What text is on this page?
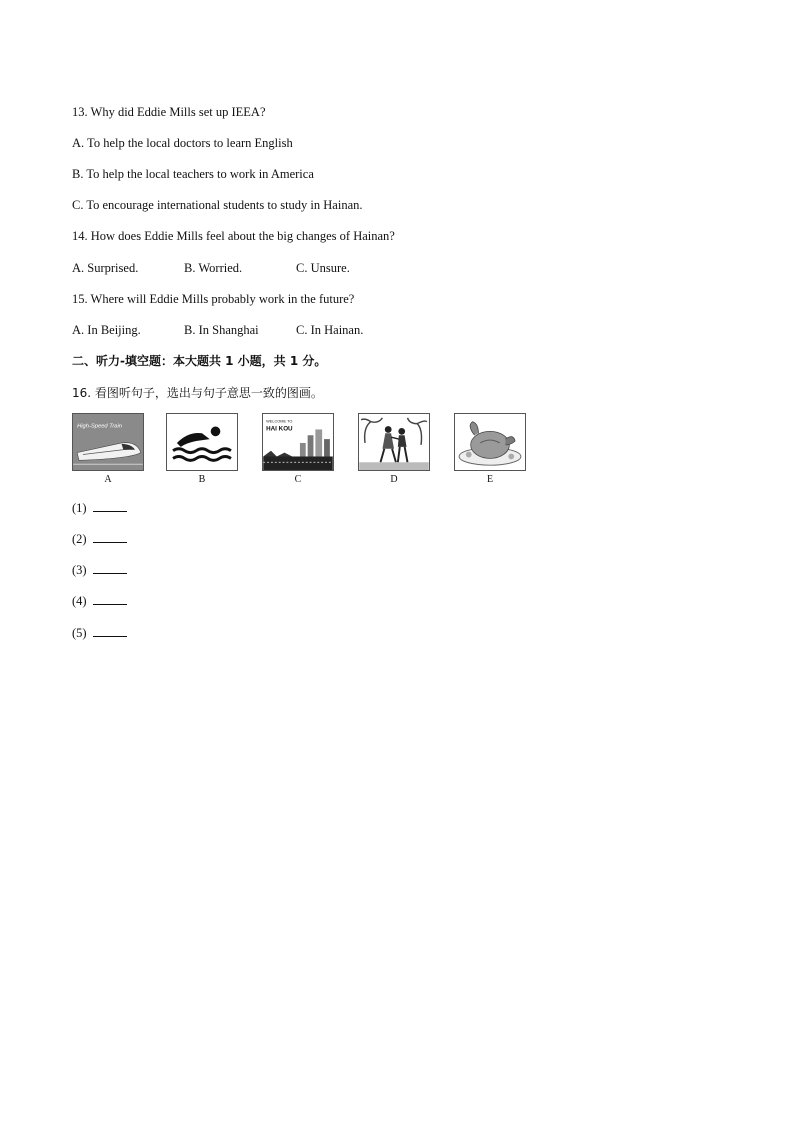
13. Why did Eddie Mills set up IEEA?
A. To help the local doctors to learn English
B. To help the local teachers to work in America
C. To encourage international students to study in Hainan.
14. How does Eddie Mills feel about the big changes of Hainan?
A. Surprised.	B. Worried.	C. Unsure.
15. Where will Eddie Mills probably work in the future?
A. In Beijing.	B. In Shanghai	C. In Hainan.
二、听力-填空题：本大题共 1 小题，共 1 分。
16. 看图听句子，选出与句子意思一致的图画。
High-Speed Train
A	B
WELCOME TO
HAI KOU
C	D	E
(1)
(2)
(3)
(4)
(5)
